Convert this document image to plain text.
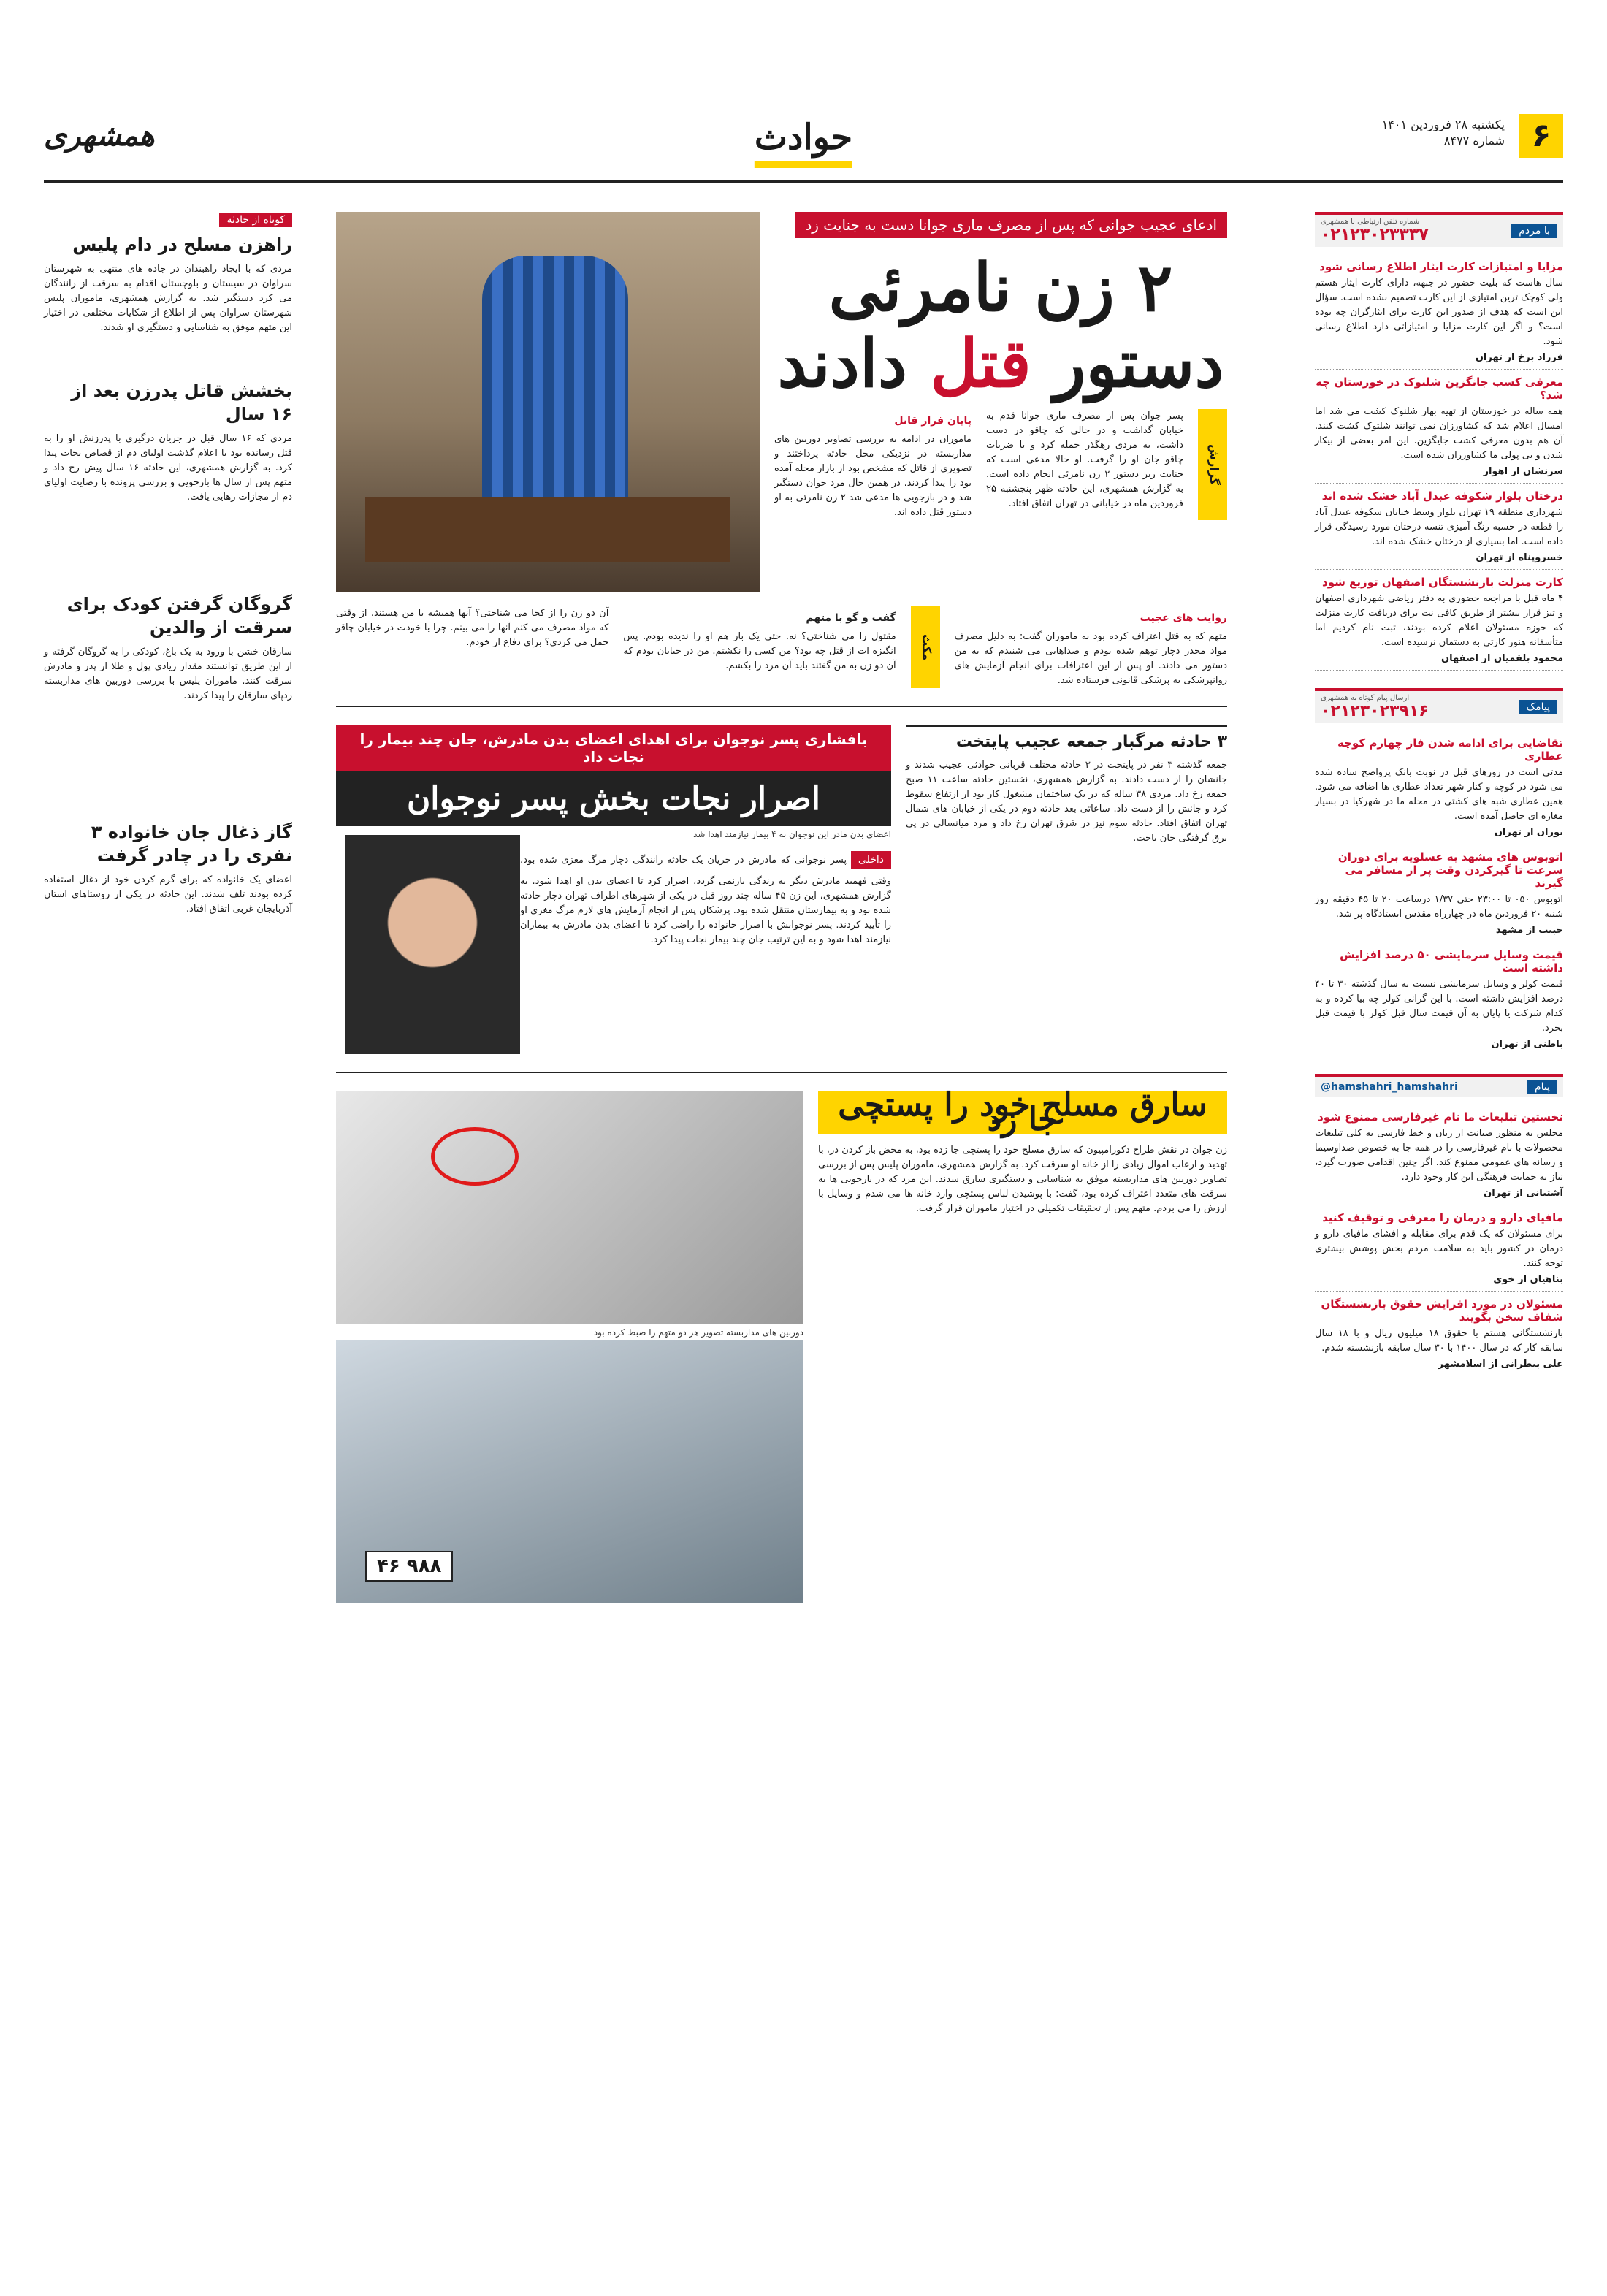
۶
یکشنبه ۲۸ فروردین ۱۴۰۱
شماره ۸۴۷۷
حوادث
همشهری
با مردم
شماره تلفن ارتباطی با همشهری
۰۲۱۲۳۰۲۳۳۳۷
مزایا و امتیازات کارت ایثار اطلاع رسانی شود

سال هاست که بلیت حضور در جبهه، دارای کارت ایثار هستم ولی کوچک ترین امتیازی از این کارت تصمیم نشده است. سؤال این است که هدف از صدور این کارت برای ایثارگران چه بوده است؟ و اگر این کارت مزایا و امتیازاتی دارد اطلاع رسانی شود.

فرزاد برخ از تهران
معرفی کسب جانگزین شلنوک در خوزستان چه شد؟

همه ساله در خوزستان از تهیه بهار شلنوک کشت می شد اما امسال اعلام شد که کشاورزان نمی توانند شلتوک کشت کنند. آن هم بدون معرفی کشت جایگزین. این امر بعضی از بیکار شدن و بی پولی ما کشاورزان شده است.

سرنشان از اهواز
درختان بلوار شکوفه عبدل آباد خشک شده اند

شهرداری منطقه ۱۹ تهران بلوار وسط خیابان شکوفه عبدل آباد را قطعه در حسبه رنگ آمیزی تنسه درختان مورد رسیدگی قرار داده است. اما بسیاری از درختان خشک شده اند.

خسروپناه از تهران
کارت منزلت بازنشستگان اصفهان توزیع شود

۴ ماه قبل با مراجعه حضوری به دفتر ریاضی شهرداری اصفهان و تیز قرار بیشتر از طریق کافی نت برای دریافت کارت منزلت که حوزه مسئولان اعلام کرده بودند، ثبت نام کردیم اما متأسفانه هنوز کارتی به دستمان نرسیده است.

محمود بلقمیان از اصفهان
پیامک
ارسال پیام کوتاه به همشهری
۰۲۱۲۳۰۲۳۹۱۶
تقاضایی برای ادامه شدن فاز چهارم کوچه عطاری

مدتی است در روزهای قبل در نوبت بانک پرواضح ساده شده می شود در کوچه و کنار شهر تعداد عطاری ها اضافه می شود. همین عطاری شبه های کشتی در محله ما در شهرکیا در بسیار مغازه ای حاصل آمده است.

یوران از تهران
اتوبوس های مشهد به عسلویه برای دوران سرعت تا گیرکردن وقت پر از مسافر می گیرند

اتوبوس ۰۵۰ تا ۲۳:۰۰ حتی ۱/۳۷ درساعت ۲۰ تا ۴۵ دقیقه روز شنبه ۲۰ فروردین ماه در چهارراه مقدس ایستادگاه پر شد.

حبیب از مشهد
قیمت وسایل سرمایشی ۵۰ درصد افزایش داشته است

قیمت کولر و وسایل سرمایشی نسبت به سال گذشته ۳۰ تا ۴۰ درصد افزایش داشته است. با این گرانی کولر چه بیا کرده و به کدام شرکت یا پایان به آن قیمت سال قبل کولر با قیمت قبل بخرد.

باطنی از تهران
پیام
@hamshahri_hamshahri
نخستین تبلیغات ما نام غیرفارسی ممنوع شود

مجلس به منظور صیانت از زبان و خط فارسی به کلی تبلیغات محصولات با نام غیرفارسی را در همه جا به خصوص صداوسیما و رسانه های عمومی ممنوع کند. اگر چنین اقدامی صورت گیرد، نیاز به حمایت فرهنگی این کار وجود دارد.

آشتیانی از تهران
مافیای دارو و درمان را معرفی و توقیف کنید

برای مسئولان که یک قدم برای مقابله و افشای مافیای دارو و درمان در کشور باید به سلامت مردم بخش پوشش بیشتری توجه کنند.

بناهیان از خوی
مسئولان در مورد افزایش حقوق بازنشستگان شفاف سخن بگویند

بازنشستگانی هستم با حقوق ۱۸ میلیون ریال و با ۱۸ سال سابقه کار که در سال ۱۴۰۰ با ۳۰ سال سابقه بازنشسته شدم.

علی بیطرانی از اسلامشهر
کوتاه از حادثه
راهزن مسلح در دام پلیس

مردی که با ایجاد راهبندان در جاده های منتهی به شهرستان سراوان در سیستان و بلوچستان اقدام به سرقت از رانندگان می کرد دستگیر شد. به گزارش همشهری، ماموران پلیس شهرستان سراوان پس از اطلاع از شکایات مختلفی در اختیار این متهم موفق به شناسایی و دستگیری او شدند.

بخشش قاتل پدرزن بعد از ۱۶ سال

مردی که ۱۶ سال قبل در جریان درگیری با پدرزنش او را به قتل رسانده بود با اعلام گذشت اولیای دم از قصاص نجات پیدا کرد. به گزارش همشهری، این حادثه ۱۶ سال پیش رخ داد و متهم پس از سال ها بازجویی و بررسی پرونده با رضایت اولیای دم از مجازات رهایی یافت.

گروگان گرفتن کودک برای سرقت از والدین

سارقان خشن با ورود به یک باغ، کودکی را به گروگان گرفته و از این طریق توانستند مقدار زیادی پول و طلا از پدر و مادرش سرقت کنند. ماموران پلیس با بررسی دوربین های مداربسته ردپای سارقان را پیدا کردند.

گاز ذغال جان خانواده ۳ نفری را در چادر گرفت

اعضای یک خانواده که برای گرم کردن خود از ذغال استفاده کرده بودند تلف شدند. این حادثه در یکی از روستاهای استان آذربایجان غربی اتفاق افتاد.

ادعای عجیب جوانی که پس از مصرف ماری جوانا دست به جنایت زد
۲ زن نامرئی
دستور قتل دادند
گزارش
پسر جوان پس از مصرف ماری جوانا قدم به خیابان گذاشت و در حالی که چاقو در دست داشت، به مردی رهگذر حمله کرد و با ضربات چاقو جان او را گرفت. او حالا مدعی است که جنایت زیر دستور ۲ زن نامرئی انجام داده است. به گزارش همشهری، این حادثه ظهر پنجشنبه ۲۵ فروردین ماه در خیابانی در تهران اتفاق افتاد.
پایان فرار قاتل
ماموران در ادامه به بررسی تصاویر دوربین های مداربسته در نزدیکی محل حادثه پرداختند و تصویری از قاتل که مشخص بود از بازار محله آمده بود را پیدا کردند. در همین حال مرد جوان دستگیر شد و در بازجویی ها مدعی شد ۲ زن نامرئی به او دستور قتل داده اند.
روایت های عجیب
متهم که به قتل اعتراف کرده بود به ماموران گفت: به دلیل مصرف مواد مخدر دچار توهم شده بودم و صداهایی می شنیدم که به من دستور می دادند. او پس از این اعترافات برای انجام آزمایش های روانپزشکی به پزشکی قانونی فرستاده شد.
مکث
گفت و گو با متهم
مقتول را می شناختی؟ نه. حتی یک بار هم او را ندیده بودم. پس انگیزه ات از قتل چه بود؟ من کسی را نکشتم. من در خیابان بودم که آن دو زن به من گفتند باید آن مرد را بکشم.
آن دو زن را از کجا می شناختی؟ آنها همیشه با من هستند. از وقتی که مواد مصرف می کنم آنها را می بینم. چرا با خودت در خیابان چاقو حمل می کردی؟ برای دفاع از خودم.
۳ حادثه مرگبار جمعه عجیب پایتخت

جمعه گذشته ۳ نفر در پایتخت در ۳ حادثه مختلف قربانی حوادثی عجیب شدند و جانشان را از دست دادند. به گزارش همشهری، نخستین حادثه ساعت ۱۱ صبح جمعه رخ داد. مردی ۳۸ ساله که در یک ساختمان مشغول کار بود از ارتفاع سقوط کرد و جانش را از دست داد. ساعاتی بعد حادثه دوم در یکی از خیابان های شمال تهران اتفاق افتاد. حادثه سوم نیز در شرق تهران رخ داد و مرد میانسالی در پی برق گرفتگی جان باخت.

بافشاری پسر نوجوان برای اهدای اعضای بدن مادرش، جان چند بیمار را نجات داد
اصرار نجات بخش پسر نوجوان
اعضای بدن مادر این نوجوان به ۴ بیمار نیازمند اهدا شد
داخلی پسر نوجوانی که مادرش در جریان یک حادثه رانندگی دچار مرگ مغزی شده بود، وقتی فهمید مادرش دیگر به زندگی بازنمی گردد، اصرار کرد تا اعضای بدن او اهدا شود. به گزارش همشهری، این زن ۴۵ ساله چند روز قبل در یکی از شهرهای اطراف تهران دچار حادثه شده بود و به بیمارستان منتقل شده بود. پزشکان پس از انجام آزمایش های لازم مرگ مغزی او را تأیید کردند. پسر نوجوانش با اصرار خانواده را راضی کرد تا اعضای بدن مادرش به بیماران نیازمند اهدا شود و به این ترتیب جان چند بیمار نجات پیدا کرد.
سارق مسلح خود را پستچی جا زد

زن جوان در نقش طراح دکورامپیون که سارق مسلح خود را پستچی جا زده بود، به محض باز کردن در، با تهدید و ارعاب اموال زیادی را از خانه او سرقت کرد. به گزارش همشهری، ماموران پلیس پس از بررسی تصاویر دوربین های مداربسته موفق به شناسایی و دستگیری سارق شدند. این مرد که در بازجویی ها به سرقت های متعدد اعتراف کرده بود، گفت: با پوشیدن لباس پستچی وارد خانه ها می شدم و وسایل با ارزش را می بردم. متهم پس از تحقیقات تکمیلی در اختیار ماموران قرار گرفت.

دوربین های مداربسته تصویر هر دو متهم را ضبط کرده بود
۴۶ ۹۸۸
